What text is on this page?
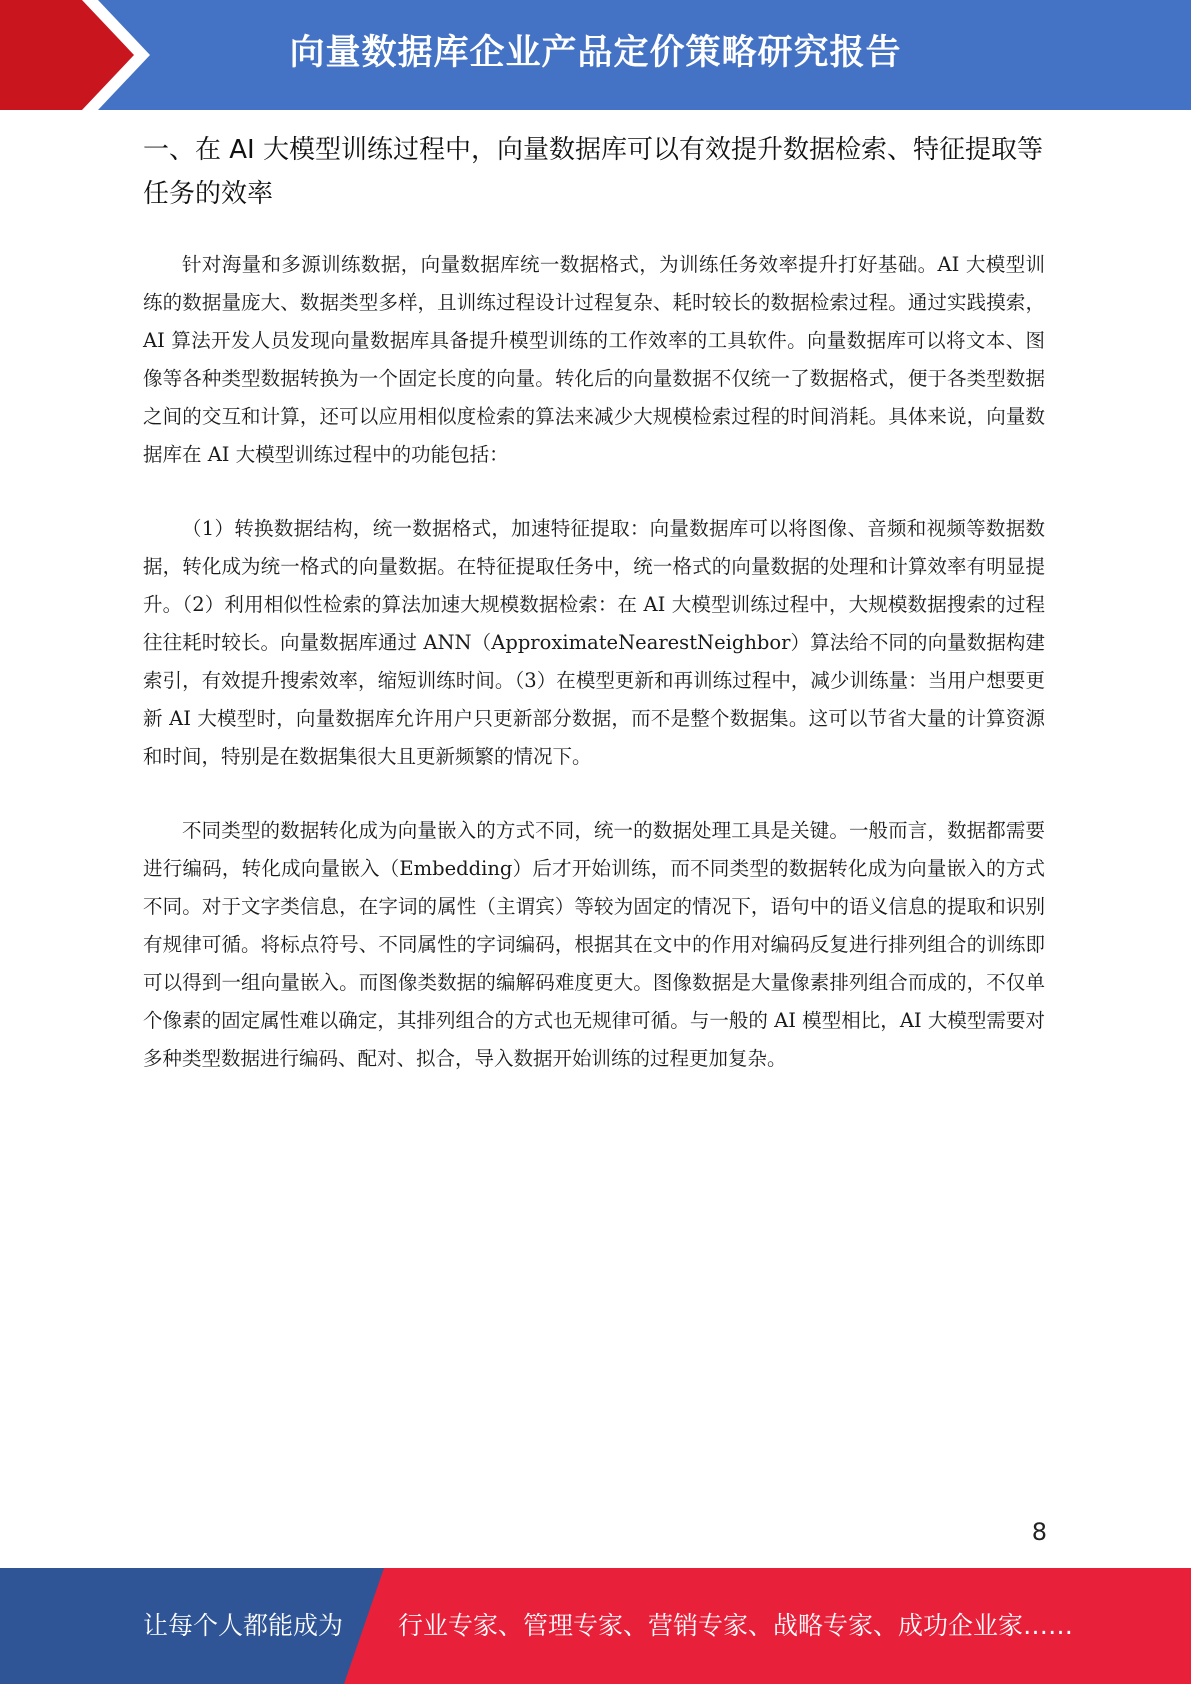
向量数据库企业产品定价策略研究报告
一、在 AI 大模型训练过程中，向量数据库可以有效提升数据检索、特征提取等任务的效率

针对海量和多源训练数据，向量数据库统一数据格式，为训练任务效率提升打好基础。AI 大模型训练的数据量庞大、数据类型多样，且训练过程设计过程复杂、耗时较长的数据检索过程。通过实践摸索，AI 算法开发人员发现向量数据库具备提升模型训练的工作效率的工具软件。向量数据库可以将文本、图像等各种类型数据转换为一个固定长度的向量。转化后的向量数据不仅统一了数据格式，便于各类型数据之间的交互和计算，还可以应用相似度检索的算法来减少大规模检索过程的时间消耗。具体来说，向量数据库在 AI 大模型训练过程中的功能包括：

（1）转换数据结构，统一数据格式，加速特征提取：向量数据库可以将图像、音频和视频等数据数据，转化成为统一格式的向量数据。在特征提取任务中，统一格式的向量数据的处理和计算效率有明显提升。（2）利用相似性检索的算法加速大规模数据检索：在 AI 大模型训练过程中，大规模数据搜索的过程往往耗时较长。向量数据库通过 ANN（ApproximateNearestNeighbor）算法给不同的向量数据构建索引，有效提升搜索效率，缩短训练时间。（3）在模型更新和再训练过程中，减少训练量：当用户想要更新 AI 大模型时，向量数据库允许用户只更新部分数据，而不是整个数据集。这可以节省大量的计算资源和时间，特别是在数据集很大且更新频繁的情况下。

不同类型的数据转化成为向量嵌入的方式不同，统一的数据处理工具是关键。一般而言，数据都需要进行编码，转化成向量嵌入（Embedding）后才开始训练，而不同类型的数据转化成为向量嵌入的方式不同。对于文字类信息，在字词的属性（主谓宾）等较为固定的情况下，语句中的语义信息的提取和识别有规律可循。将标点符号、不同属性的字词编码，根据其在文中的作用对编码反复进行排列组合的训练即可以得到一组向量嵌入。而图像类数据的编解码难度更大。图像数据是大量像素排列组合而成的，不仅单个像素的固定属性难以确定，其排列组合的方式也无规律可循。与一般的 AI 模型相比，AI 大模型需要对多种类型数据进行编码、配对、拟合，导入数据开始训练的过程更加复杂。

8
让每个人都能成为 行业专家、管理专家、营销专家、战略专家、成功企业家……
